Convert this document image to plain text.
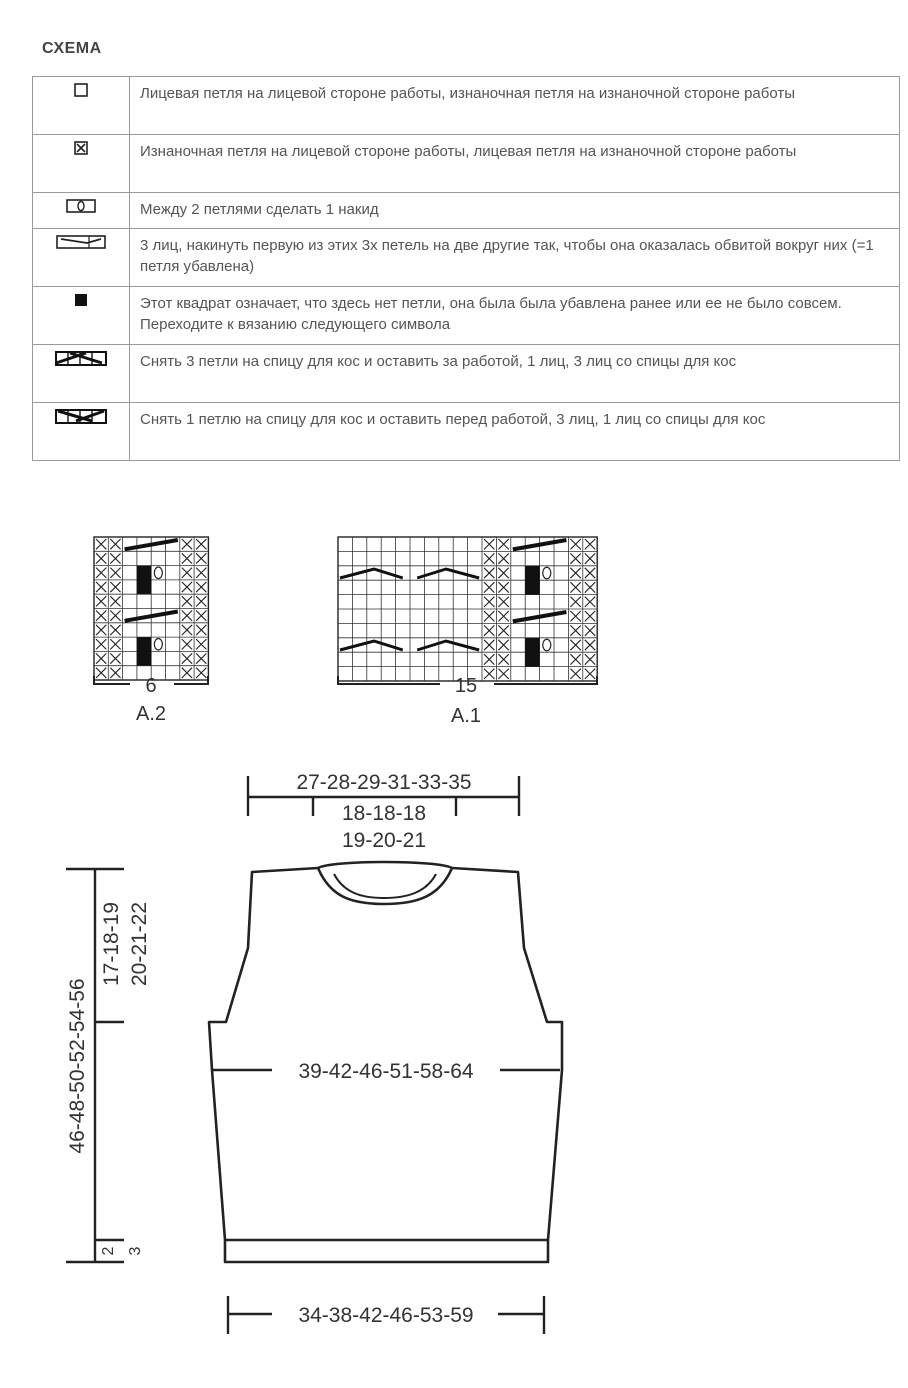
СХЕМА
	Лицевая петля на лицевой стороне работы, изнаночная петля на изнаночной стороне работы

	Изнаночная петля на лицевой стороне работы, лицевая петля на изнаночной стороне работы

	Между 2 петлями сделать 1 накид

	3 лиц, накинуть первую из этих 3х петель на две другие так, чтобы она оказалась обвитой вокруг них (=1 петля убавлена)

	Этот квадрат означает, что здесь нет петли, она была была убавлена ранее или ее не было совсем. Переходите к вязанию следующего символа

	Снять 3 петли на спицу для кос и оставить за работой, 1 лиц, 3 лиц со спицы для кос

	Снять 1 петлю на спицу для кос и оставить перед работой, 3 лиц, 1 лиц со спицы для кос
6
A.2
15
A.1
27-28-29-31-33-35
18-18-18
19-20-21
39-42-46-51-58-64
34-38-42-46-53-59
46-48-50-52-54-56
17-18-19 20-21-22
2 3
